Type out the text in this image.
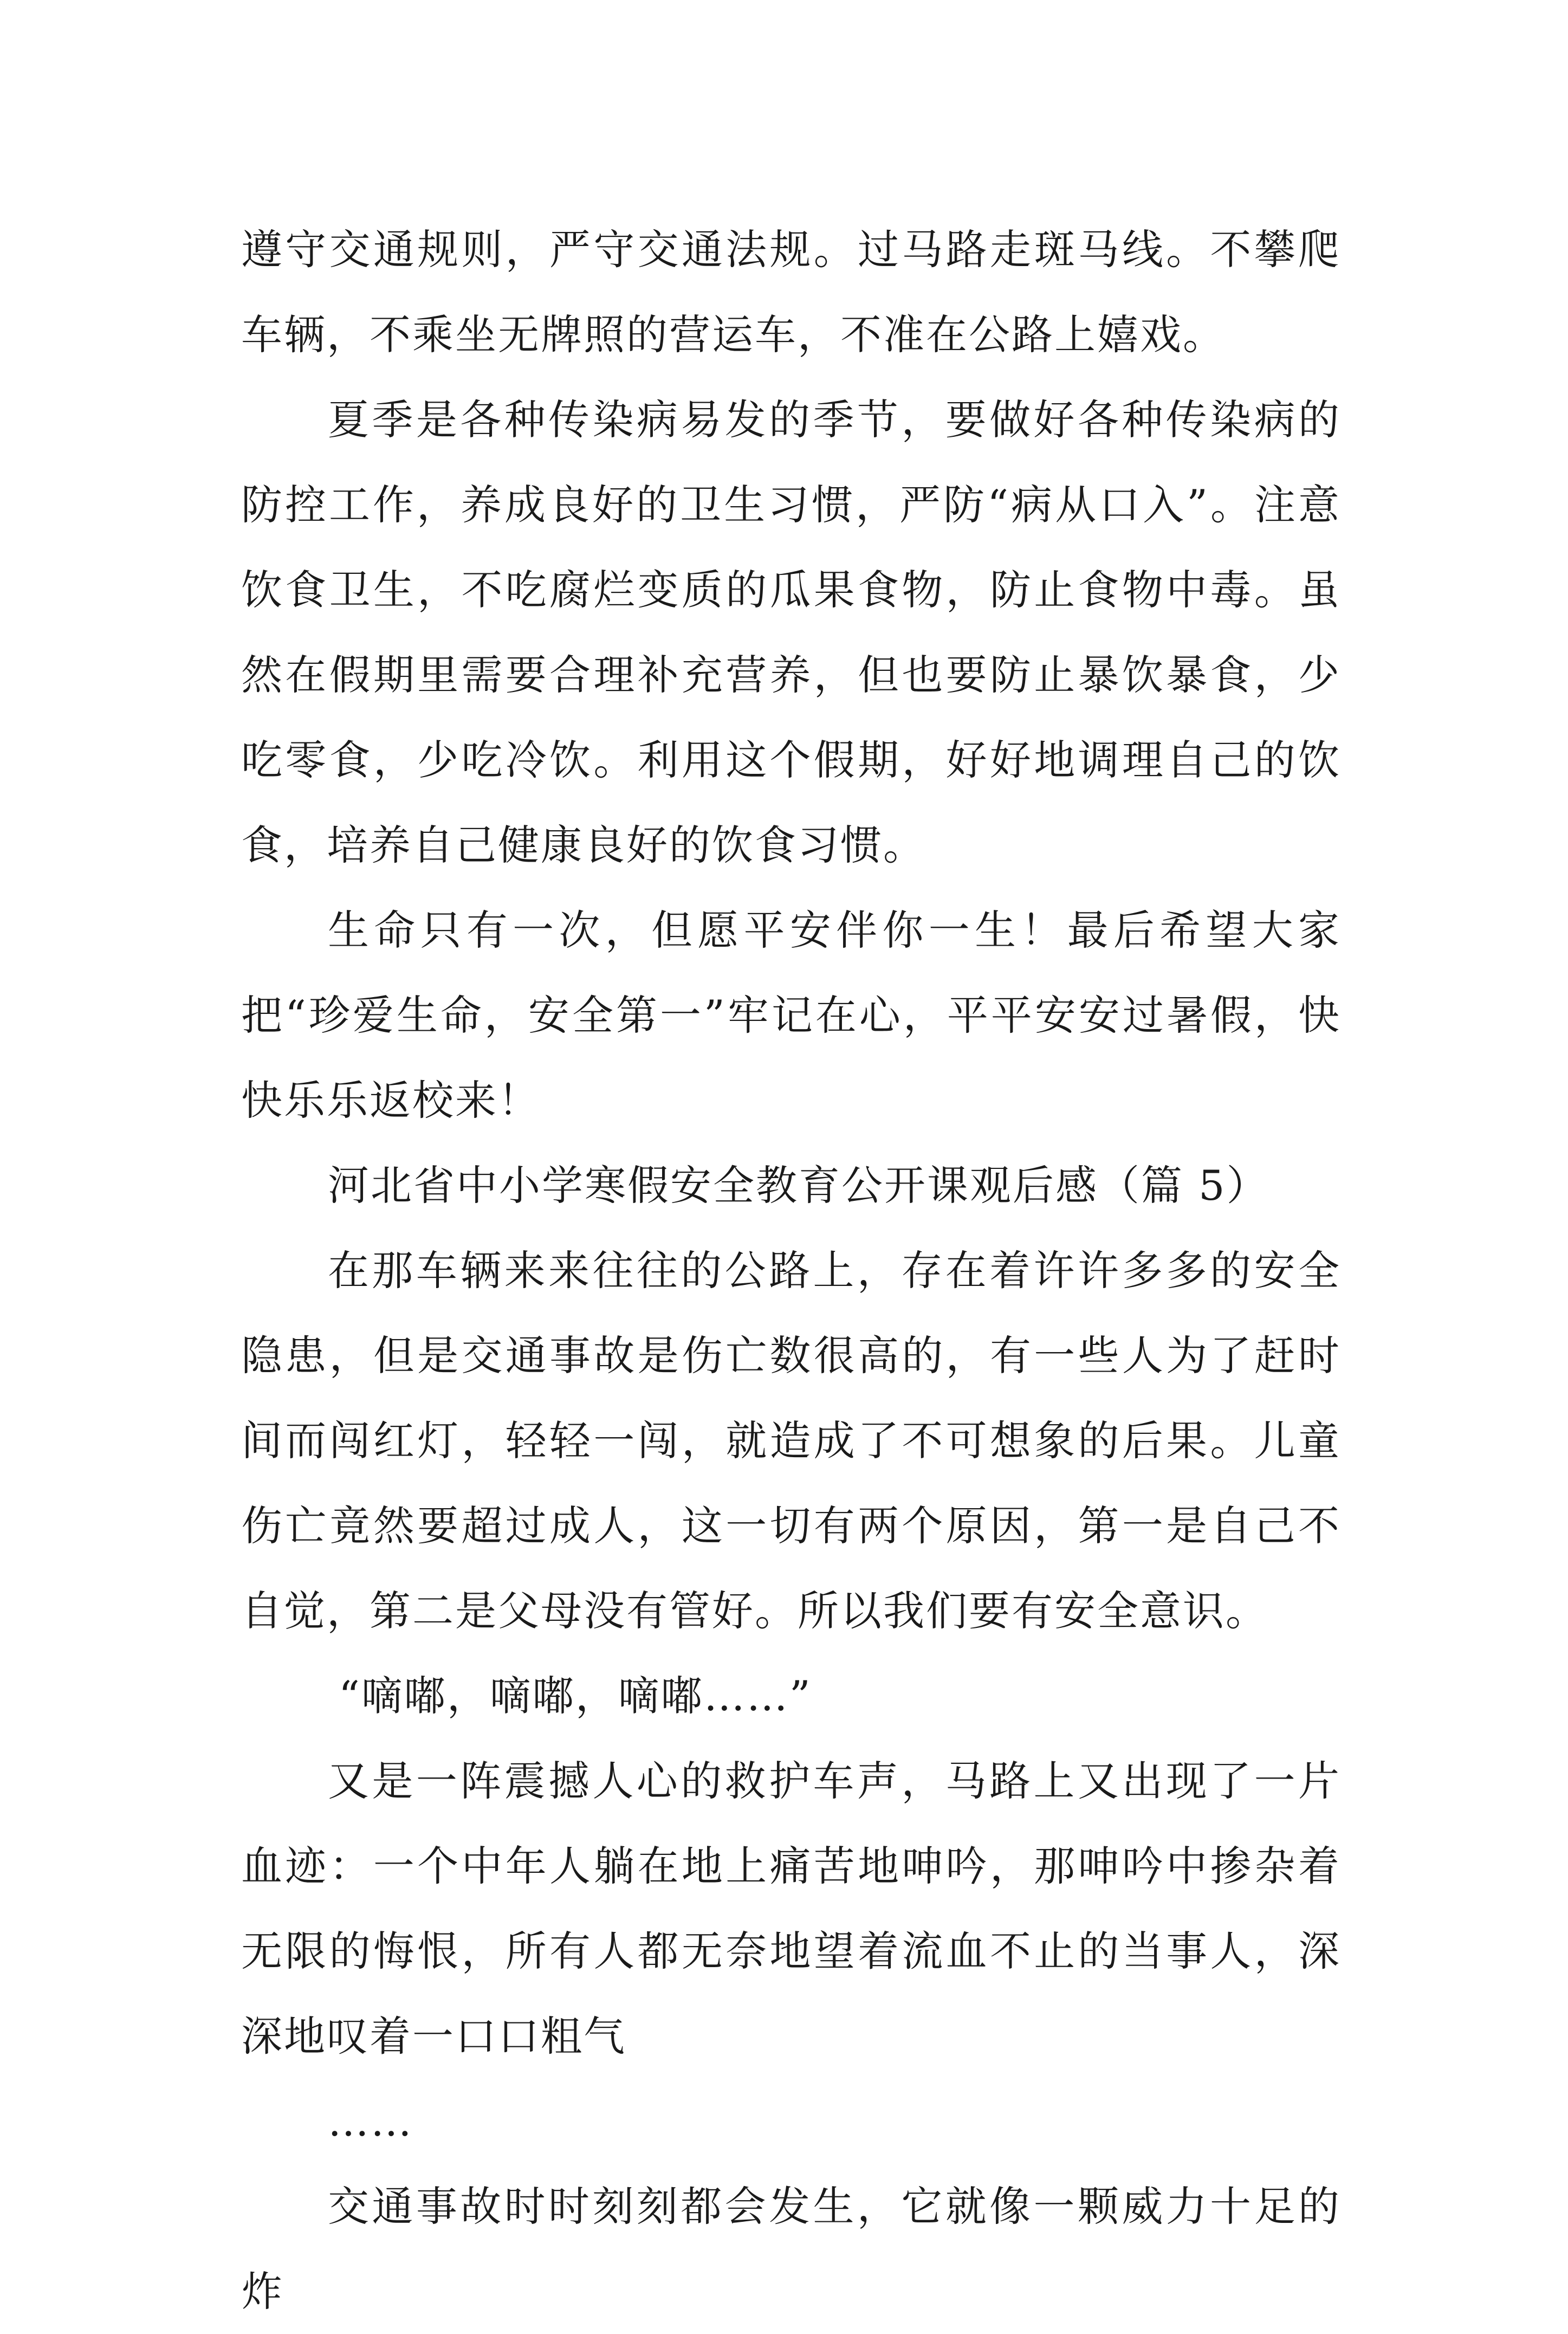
遵守交通规则，严守交通法规。过马路走斑马线。不攀爬车辆，不乘坐无牌照的营运车，不准在公路上嬉戏。

夏季是各种传染病易发的季节，要做好各种传染病的防控工作，养成良好的卫生习惯，严防“病从口入”。注意饮食卫生，不吃腐烂变质的瓜果食物，防止食物中毒。虽然在假期里需要合理补充营养，但也要防止暴饮暴食，少吃零食，少吃冷饮。利用这个假期，好好地调理自己的饮食，培养自己健康良好的饮食习惯。

生命只有一次，但愿平安伴你一生！最后希望大家把“珍爱生命，安全第一”牢记在心，平平安安过暑假，快快乐乐返校来！

河北省中小学寒假安全教育公开课观后感（篇 5）

在那车辆来来往往的公路上，存在着许许多多的安全隐患，但是交通事故是伤亡数很高的，有一些人为了赶时间而闯红灯，轻轻一闯，就造成了不可想象的后果。儿童伤亡竟然要超过成人，这一切有两个原因，第一是自己不自觉，第二是父母没有管好。所以我们要有安全意识。

“嘀嘟，嘀嘟，嘀嘟……”

又是一阵震撼人心的救护车声，马路上又出现了一片血迹：一个中年人躺在地上痛苦地呻吟，那呻吟中掺杂着无限的悔恨，所有人都无奈地望着流血不止的当事人，深深地叹着一口口粗气

……

交通事故时时刻刻都会发生，它就像一颗威力十足的炸
